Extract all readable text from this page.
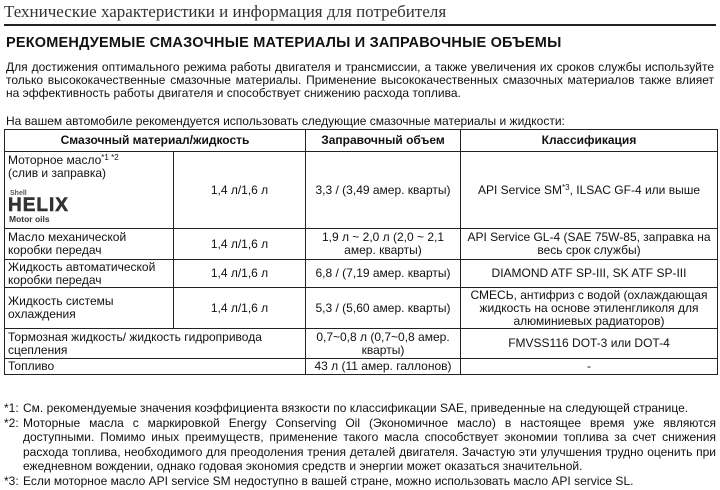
Технические характеристики и информация для потребителя
РЕКОМЕНДУЕМЫЕ СМАЗОЧНЫЕ МАТЕРИАЛЫ И ЗАПРАВОЧНЫЕ ОБЪЕМЫ
Для достижения оптимального режима работы двигателя и трансмиссии, а также увеличения их сроков службы используйте только высококачественные смазочные материалы. Применение высококачественных смазочных материалов также влияет на эффективность работы двигателя и способствует снижению расхода топлива.
На вашем автомобиле рекомендуется использовать следующие смазочные материалы и жидкости:
Смазочный материал/жидкость		Заправочный объем	Классификация
Моторное масло$^{*1 *2}$
(слив и заправка)
Shell
HELIX
Motor oils	1,4 л/1,6 л	3,3 / (3,49 амер. кварты)	API Service SM$^{*3}$, ILSAC GF-4 или выше
Масло механической коробки передач	1,4 л/1,6 л	1,9 л ~ 2,0 л (2,0 ~ 2,1 амер. кварты)	API Service GL-4 (SAE 75W-85, заправка на весь срок службы)
Жидкость автоматической коробки передач	1,4 л/1,6 л	6,8 / (7,19 амер. кварты)	DIAMOND ATF SP-III, SK ATF SP-III
Жидкость системы охлаждения	1,4 л/1,6 л	5,3 / (5,60 амер. кварты)	СМЕСЬ, антифриз с водой (охлаждающая жидкость на основе этиленгликоля для алюминиевых радиаторов)
Тормозная жидкость/ жидкость гидропривода сцепления		0,7~0,8 л (0,7~0,8 амер. кварты)	FMVSS116 DOT-3 или DOT-4
Топливо		43 л (11 амер. галлонов)	-
*1: См. рекомендуемые значения коэффициента вязкости по классификации SAE, приведенные на следующей странице.
*2: Моторные масла с маркировкой Energy Conserving Oil (Экономичное масло) в настоящее время уже являются доступными. Помимо иных преимуществ, применение такого масла способствует экономии топлива за счет снижения расхода топлива, необходимого для преодоления трения деталей двигателя. Зачастую эти улучшения трудно оценить при ежедневном вождении, однако годовая экономия средств и энергии может оказаться значительной.
*3: Если моторное масло API service SM недоступно в вашей стране, можно использовать масло API service SL.
